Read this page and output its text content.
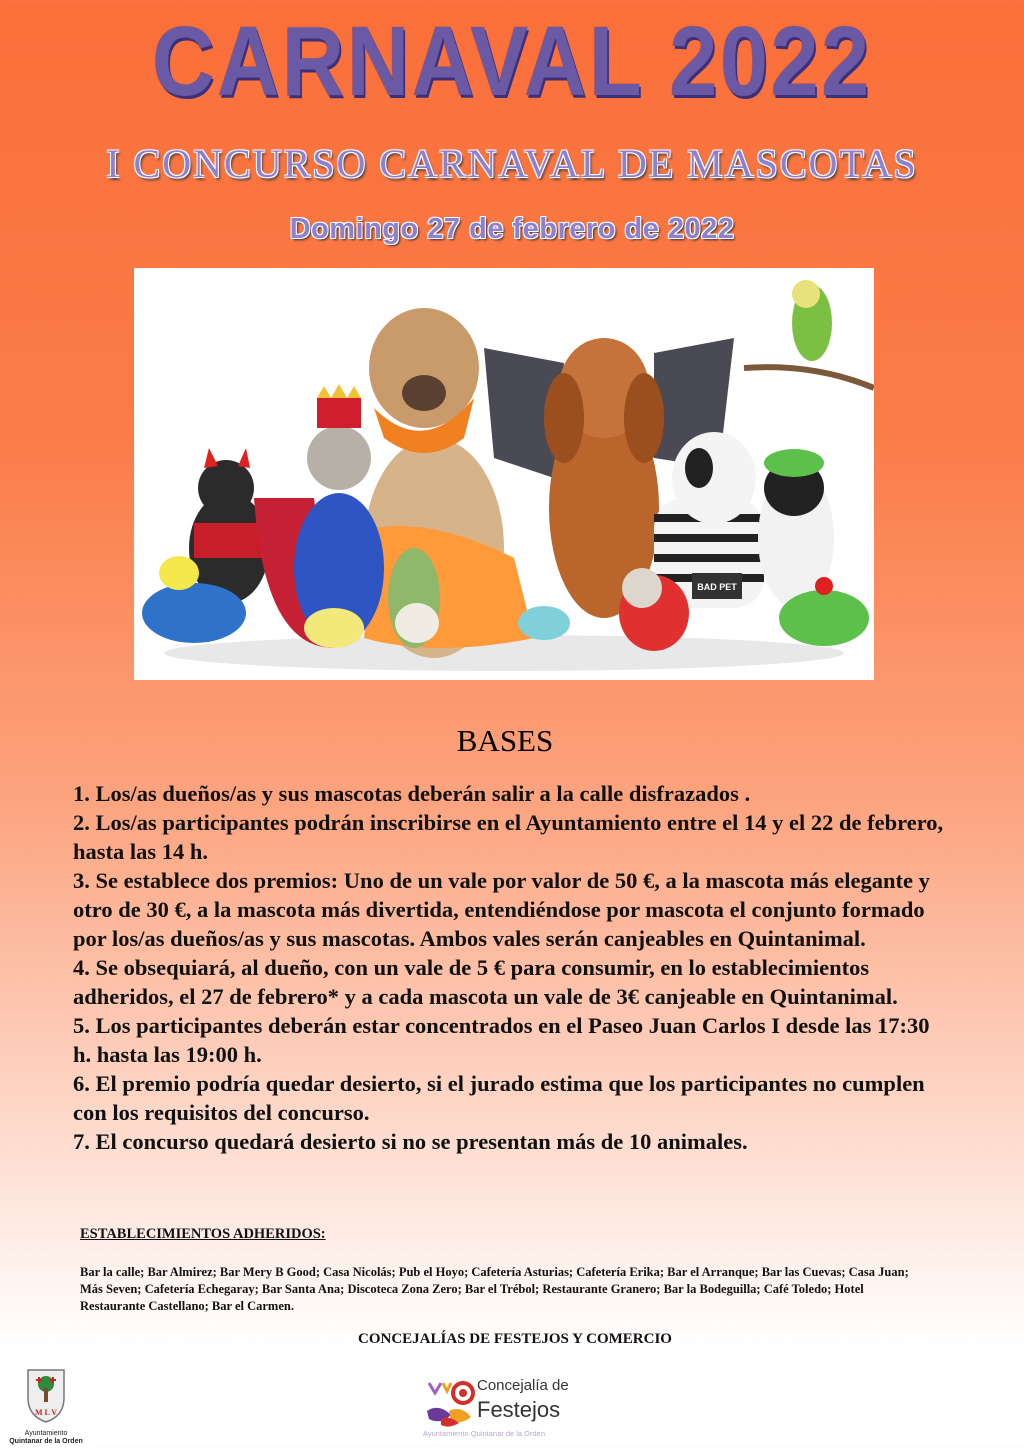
CARNAVAL 2022
I CONCURSO CARNAVAL DE MASCOTAS
Domingo 27 de febrero de 2022
BAD PET
BASES

1. Los/as dueños/as y sus mascotas deberán salir a la calle disfrazados .

2. Los/as participantes podrán inscribirse en el Ayuntamiento entre el 14 y el 22 de febrero, hasta las 14 h.

3. Se establece dos premios: Uno de un vale por valor de 50 €, a la mascota más elegante y otro de 30 €, a la mascota más divertida, entendiéndose por mascota el conjunto formado por los/as dueños/as y sus mascotas. Ambos vales serán canjeables en Quintanimal.

4. Se obsequiará, al dueño, con un vale de 5 € para consumir, en lo establecimientos adheridos, el 27 de febrero* y a cada mascota un vale de 3€ canjeable en Quintanimal.

5. Los participantes deberán estar concentrados en el Paseo Juan Carlos I desde las 17:30 h. hasta las 19:00 h.

6. El premio podría quedar desierto, si el jurado estima que los participantes no cumplen con los requisitos del concurso.

7. El concurso quedará desierto si no se presentan más de 10 animales.

ESTABLECIMIENTOS ADHERIDOS:
Bar la calle; Bar Almirez; Bar Mery B Good; Casa Nicolás; Pub el Hoyo; Cafetería Asturias; Cafetería Erika; Bar el Arranque; Bar las Cuevas; Casa Juan; Más Seven; Cafetería Echegaray; Bar Santa Ana; Discoteca Zona Zero; Bar el Trébol; Restaurante Granero; Bar la Bodeguilla; Café Toledo; Hotel Restaurante Castellano; Bar el Carmen.
CONCEJALÍAS DE FESTEJOS Y COMERCIO
M L V
Ayuntamiento
Quintanar de la Orden
Concejalía de
Festejos
Ayuntamiento Quintanar de la Orden
